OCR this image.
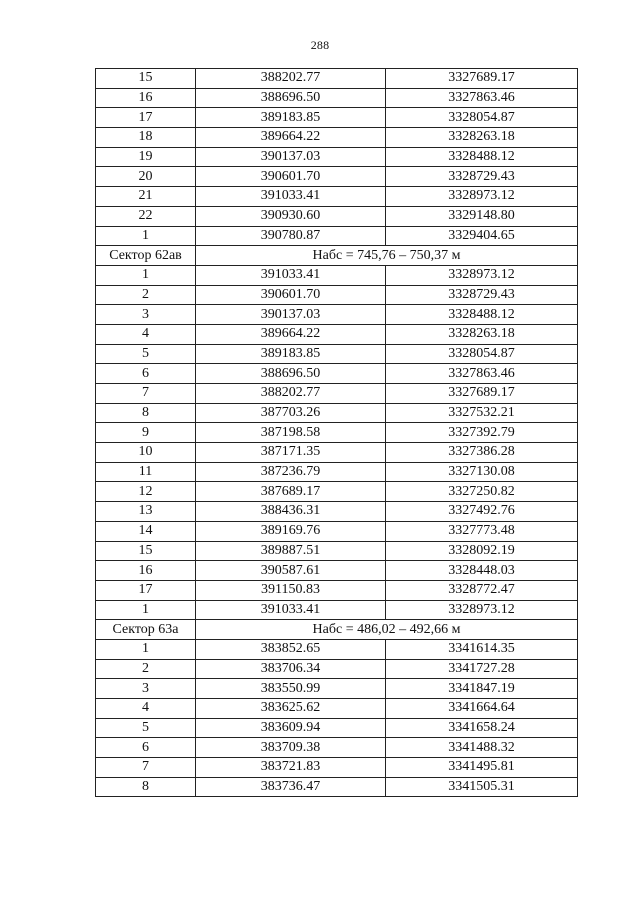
288
15	388202.77	3327689.17
16	388696.50	3327863.46
17	389183.85	3328054.87
18	389664.22	3328263.18
19	390137.03	3328488.12
20	390601.70	3328729.43
21	391033.41	3328973.12
22	390930.60	3329148.80
1	390780.87	3329404.65
Сектор 62ав	Набс = 745,76 – 750,37 м	
1	391033.41	3328973.12
2	390601.70	3328729.43
3	390137.03	3328488.12
4	389664.22	3328263.18
5	389183.85	3328054.87
6	388696.50	3327863.46
7	388202.77	3327689.17
8	387703.26	3327532.21
9	387198.58	3327392.79
10	387171.35	3327386.28
11	387236.79	3327130.08
12	387689.17	3327250.82
13	388436.31	3327492.76
14	389169.76	3327773.48
15	389887.51	3328092.19
16	390587.61	3328448.03
17	391150.83	3328772.47
1	391033.41	3328973.12
Сектор 63а	Набс = 486,02 – 492,66 м	
1	383852.65	3341614.35
2	383706.34	3341727.28
3	383550.99	3341847.19
4	383625.62	3341664.64
5	383609.94	3341658.24
6	383709.38	3341488.32
7	383721.83	3341495.81
8	383736.47	3341505.31
